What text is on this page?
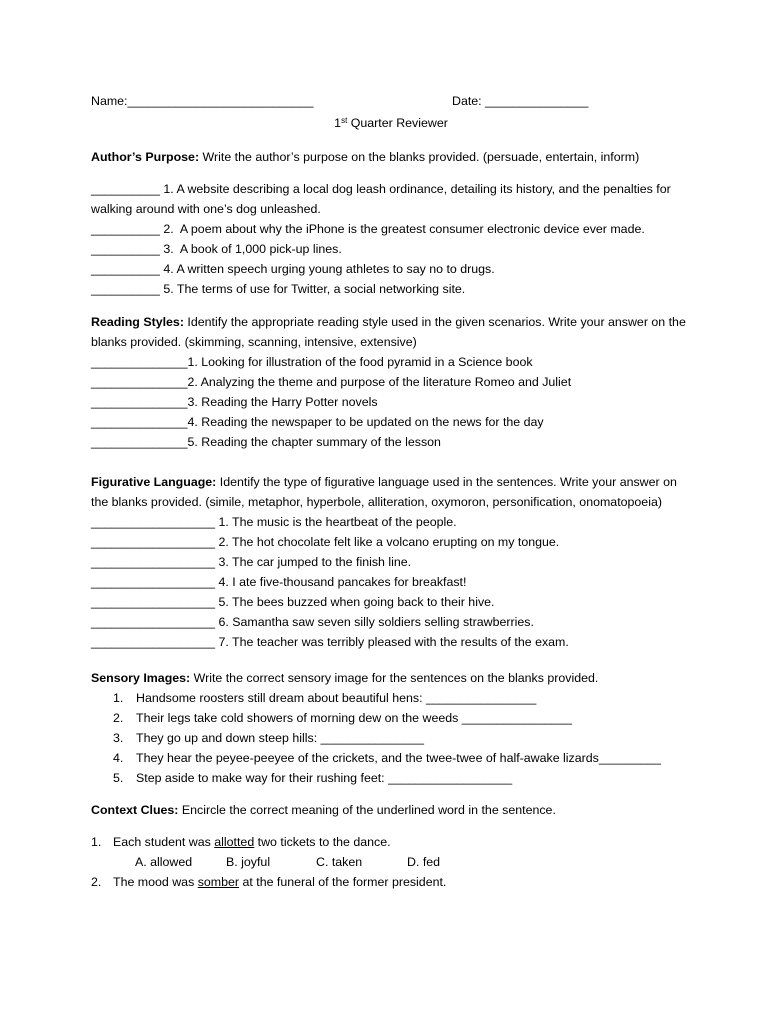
Name:___________________________	Date: _______________
1st Quarter Reviewer
Author’s Purpose: Write the author’s purpose on the blanks provided. (persuade, entertain, inform)
__________ 1. A website describing a local dog leash ordinance, detailing its history, and the penalties for walking around with one’s dog unleashed.
__________ 2.  A poem about why the iPhone is the greatest consumer electronic device ever made.
__________ 3.  A book of 1,000 pick-up lines.
__________ 4. A written speech urging young athletes to say no to drugs.
__________ 5. The terms of use for Twitter, a social networking site.
Reading Styles: Identify the appropriate reading style used in the given scenarios. Write your answer on the blanks provided. (skimming, scanning, intensive, extensive)
______________1. Looking for illustration of the food pyramid in a Science book
______________2. Analyzing the theme and purpose of the literature Romeo and Juliet
______________3. Reading the Harry Potter novels
______________4. Reading the newspaper to be updated on the news for the day
______________5. Reading the chapter summary of the lesson
Figurative Language: Identify the type of figurative language used in the sentences. Write your answer on the blanks provided. (simile, metaphor, hyperbole, alliteration, oxymoron, personification, onomatopoeia)
__________________ 1. The music is the heartbeat of the people.
__________________ 2. The hot chocolate felt like a volcano erupting on my tongue.
__________________ 3. The car jumped to the finish line.
__________________ 4. I ate five-thousand pancakes for breakfast!
__________________ 5. The bees buzzed when going back to their hive.
__________________ 6. Samantha saw seven silly soldiers selling strawberries.
__________________ 7. The teacher was terribly pleased with the results of the exam.
Sensory Images: Write the correct sensory image for the sentences on the blanks provided.
1. Handsome roosters still dream about beautiful hens: ________________
2. Their legs take cold showers of morning dew on the weeds ________________
3. They go up and down steep hills: _______________
4. They hear the peyee-peeyee of the crickets, and the twee-twee of half-awake lizards_________
5. Step aside to make way for their rushing feet: __________________
Context Clues: Encircle the correct meaning of the underlined word in the sentence.
1. Each student was allotted two tickets to the dance.
A. allowed	B. joyful	C. taken	D. fed
2. The mood was somber at the funeral of the former president.
